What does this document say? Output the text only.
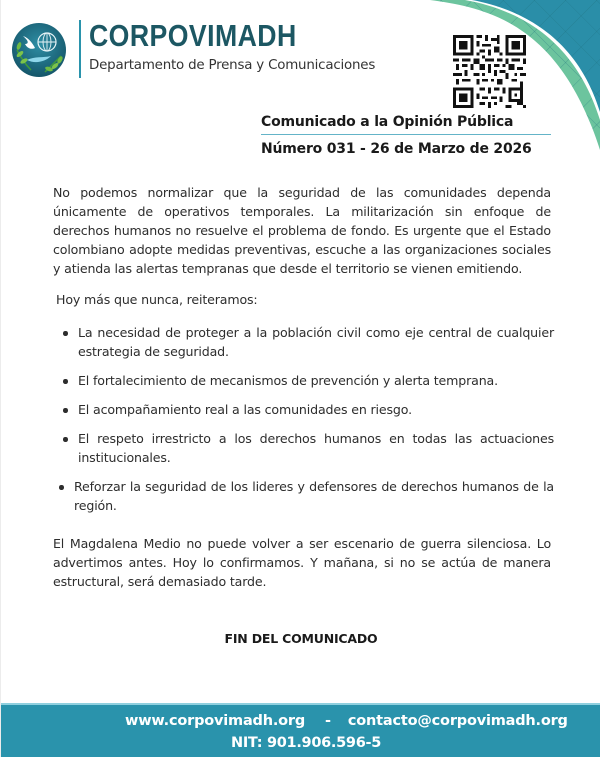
CORPOVIMADH
Departamento de Prensa y Comunicaciones
Comunicado a la Opinión Pública
Número 031 - 26 de Marzo de 2026

No podemos normalizar que la seguridad de las comunidades dependa únicamente de operativos temporales. La militarización sin enfoque de derechos humanos no resuelve el problema de fondo. Es urgente que el Estado colombiano adopte medidas preventivas, escuche a las organizaciones sociales y atienda las alertas tempranas que desde el territorio se vienen emitiendo.

Hoy más que nunca, reiteramos:
La necesidad de proteger a la población civil como eje central de cualquier estrategia de seguridad.
El fortalecimiento de mecanismos de prevención y alerta temprana.
El acompañamiento real a las comunidades en riesgo.
El respeto irrestricto a los derechos humanos en todas las actuaciones institucionales.
Reforzar la seguridad de los lideres y defensores de derechos humanos de la región.

El Magdalena Medio no puede volver a ser escenario de guerra silenciosa. Lo advertimos antes. Hoy lo confirmamos. Y mañana, si no se actúa de manera estructural, será demasiado tarde.

FIN DEL COMUNICADO
www.corpovimadh.org - contacto@corpovimadh.org
NIT: 901.906.596-5
